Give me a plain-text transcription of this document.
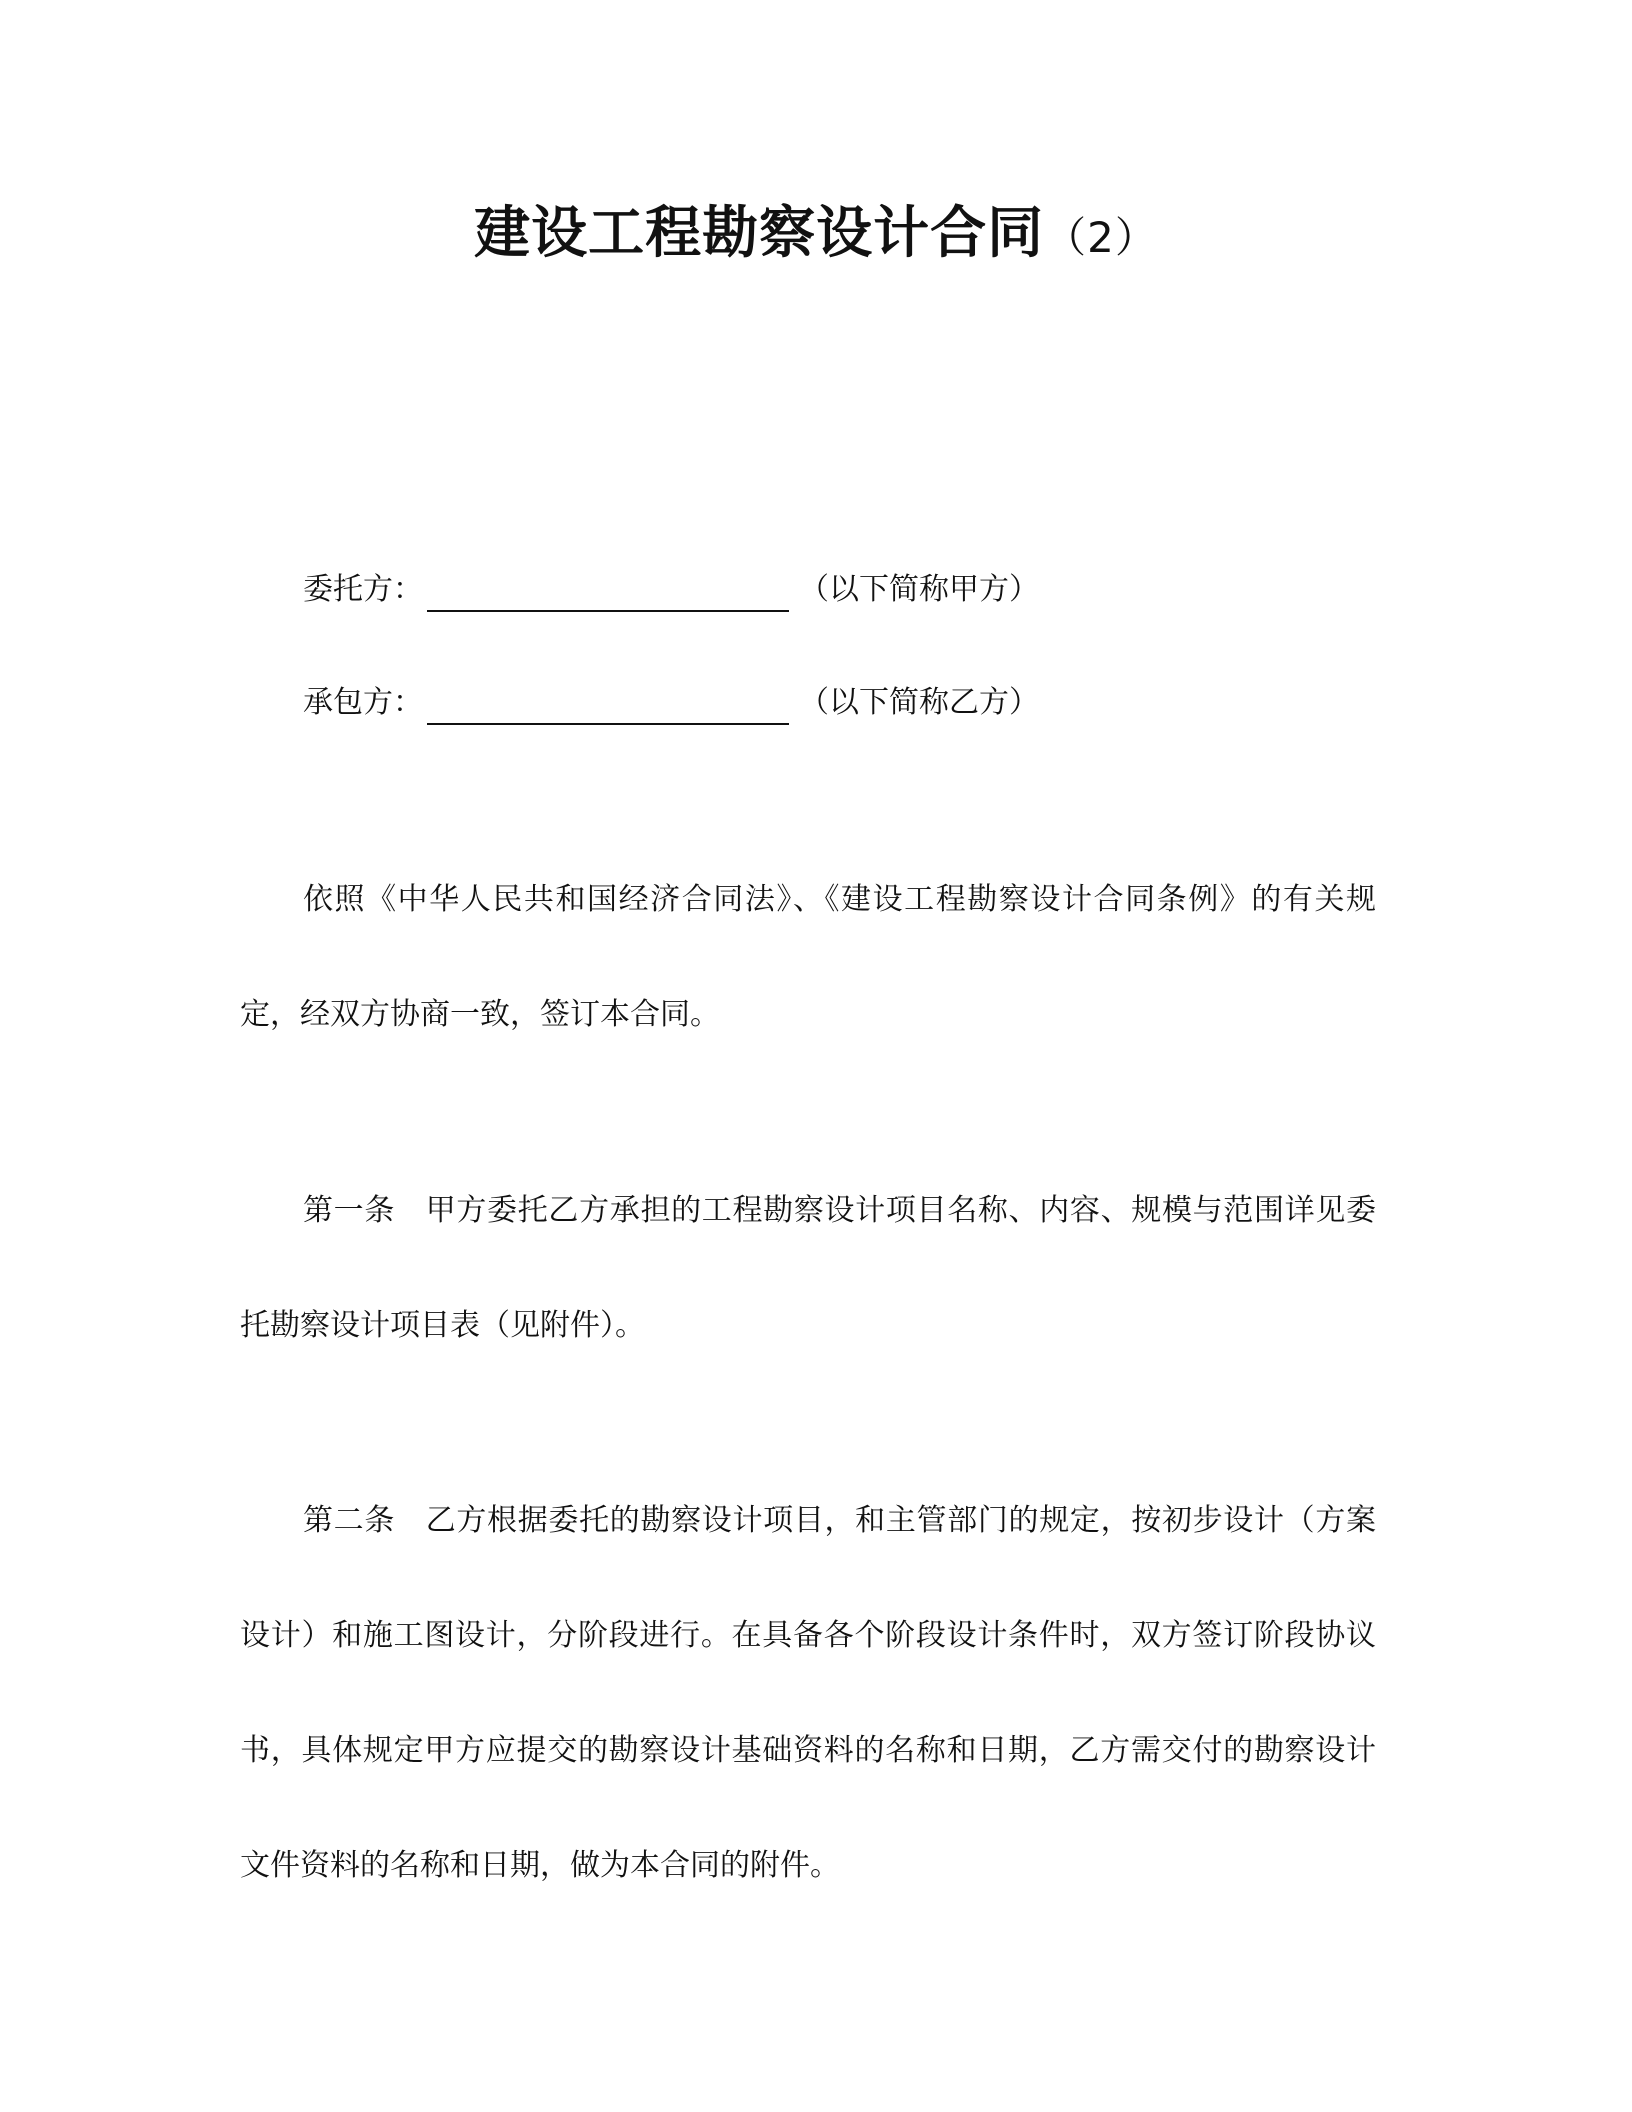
建设工程勘察设计合同（2）
委托方：	（以下简称甲方）
承包方：	（以下简称乙方）

依照《中华人民共和国经济合同法》、《建设工程勘察设计合同条例》的有关规定，经双方协商一致，签订本合同。

第一条　甲方委托乙方承担的工程勘察设计项目名称、内容、规模与范围详见委托勘察设计项目表（见附件）。

第二条　乙方根据委托的勘察设计项目，和主管部门的规定，按初步设计（方案设计）和施工图设计，分阶段进行。在具备各个阶段设计条件时，双方签订阶段协议书，具体规定甲方应提交的勘察设计基础资料的名称和日期，乙方需交付的勘察设计文件资料的名称和日期，做为本合同的附件。
